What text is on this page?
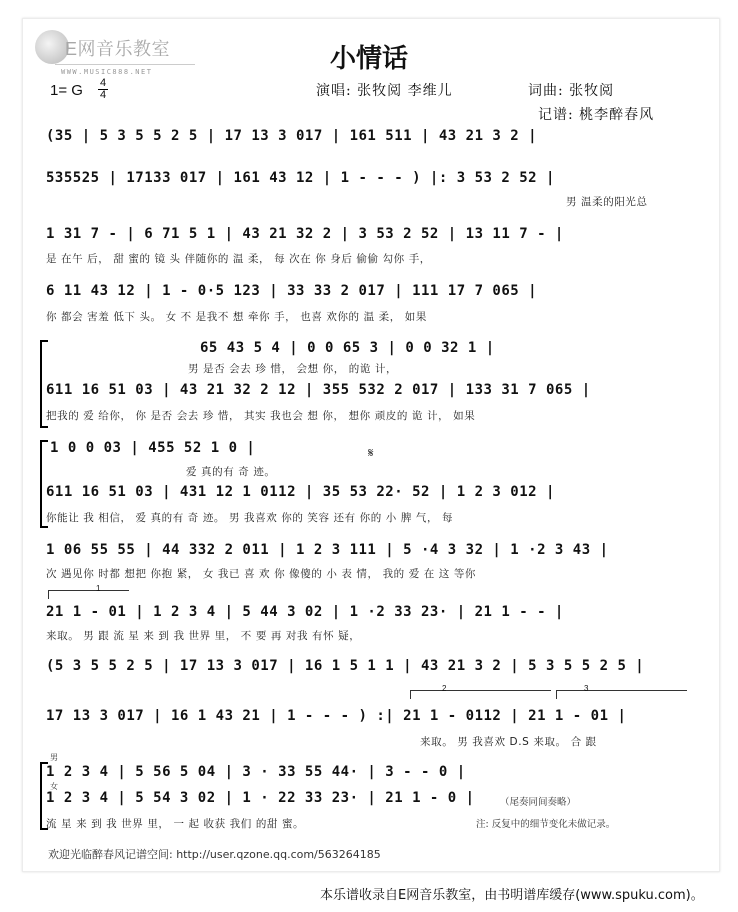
E网音乐教室
WWW.MUSIC888.NET	小情话
1= G 4
4	演唱: 张牧阅 李维儿	词曲: 张牧阅
记谱: 桃李醉春风
(35 | 5 3 5 5 2 5 | 17 13 3 017 | 161 511 | 43 21 3 2 |
535525 | 17133 017 | 161 43 12 | 1 - - - ) |: 3 53 2 52 |
男 温柔的阳光总
1 31 7 - | 6 71 5 1 | 43 21 32 2 | 3 53 2 52 | 13 11 7 - |
是 在午 后， 甜 蜜的 镜 头 伴随你的 温 柔， 每 次在 你 身后 偷偷 勾你 手，
6 11 43 12 | 1 - 0·5 123 | 33 33 2 017 | 111 17 7 065 |
你 都会 害羞 低下 头。 女 不 是我不 想 牵你 手， 也喜 欢你的 温 柔， 如果
65 43 5 4 | 0 0 65 3 | 0 0 32 1 |
男 是否 会去 珍 惜， 会想 你， 的诡 计，
611 16 51 03 | 43 21 32 2 12 | 355 532 2 017 | 133 31 7 065 |
把我的 爱 给你， 你 是否 会去 珍 惜， 其实 我也会 想 你， 想你 顽皮的 诡 计， 如果
1 0 0 03 | 455 52 1 0 |
爱 真的有 奇 迹。
𝄋
611 16 51 03 | 431 12 1 0112 | 35 53 22· 52 | 1 2 3 012 |
你能让 我 相信， 爱 真的有 奇 迹。 男 我喜欢 你的 笑容 还有 你的 小 脾 气， 每
1 06 55 55 | 44 332 2 011 | 1 2 3 111 | 5 ·4 3 32 | 1 ·2 3 43 |
次 遇见你 时都 想把 你抱 紧， 女 我已 喜 欢 你 像傻的 小 表 情， 我的 爱 在 这 等你
1
21 1 - 01 | 1 2 3 4 | 5 44 3 02 | 1 ·2 33 23· | 21 1 - - |
来取。 男 跟 流 星 来 到 我 世界 里， 不 要 再 对我 有怀 疑，
(5 3 5 5 2 5 | 17 13 3 017 | 16 1 5 1 1 | 43 21 3 2 | 5 3 5 5 2 5 |
2	3
17 13 3 017 | 16 1 43 21 | 1 - - - ) :| 21 1 - 0112 | 21 1 - 01 |
来取。 男 我喜欢 D.S 来取。 合 跟
男
1 2 3 4 | 5 56 5 04 | 3 · 33 55 44· | 3 - - 0 |
女
1 2 3 4 | 5 54 3 02 | 1 · 22 33 23· | 21 1 - 0 |	（尾奏同间奏略）
流 星 来 到 我 世界 里， 一 起 收获 我们 的甜 蜜。	注: 反复中的细节变化未做记录。
欢迎光临醉春风记谱空间: http://user.qzone.qq.com/563264185
本乐谱收录自E网音乐教室，由书明谱库缓存(www.spuku.com)。
